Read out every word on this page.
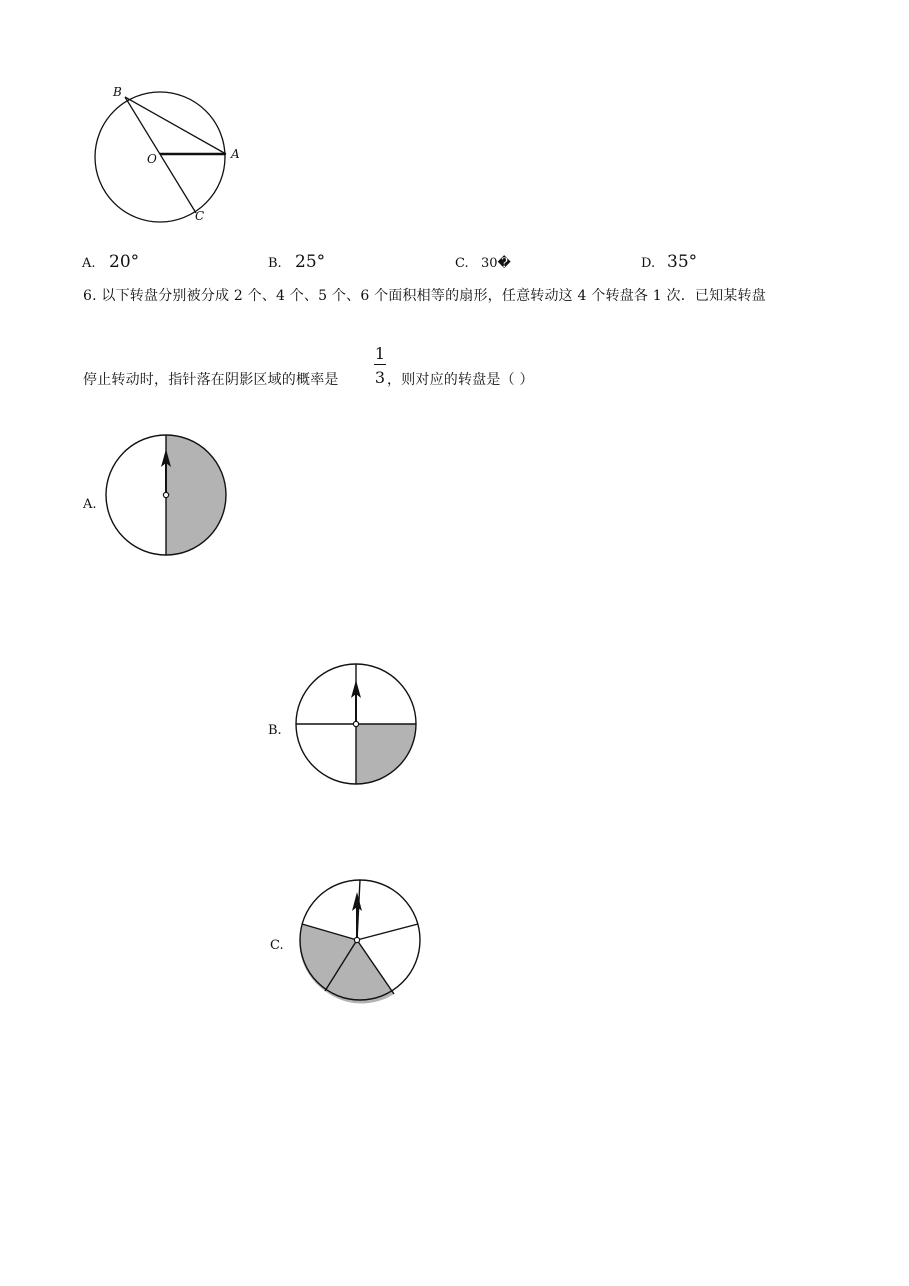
B
O	A
C
A. 20°	B. 25°	C. 30�	D. 35°
6. 以下转盘分别被分成 2 个、4 个、5 个、6 个面积相等的扇形，任意转动这 4 个转盘各 1 次．已知某转盘
停止转动时，指针落在阴影区域的概率是
1
3 ，则对应的转盘是（ ）
A.
B.
C.
